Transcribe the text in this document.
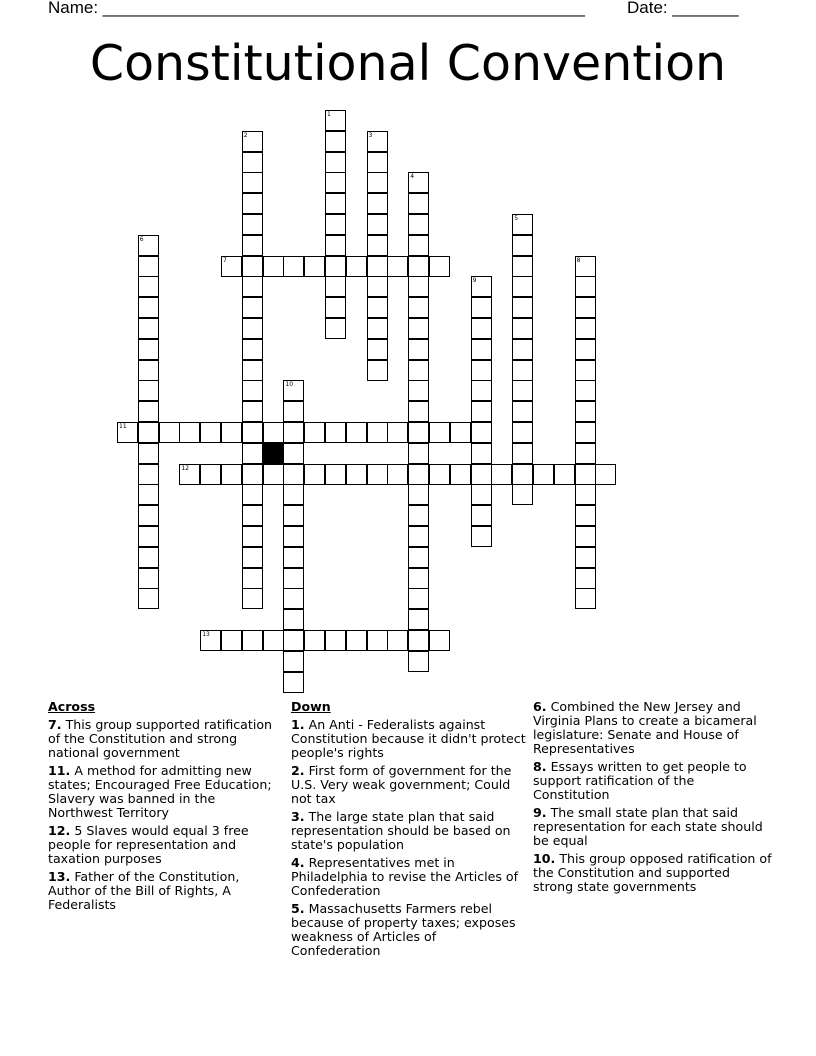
Name: ___________________________________________________ Date: _______
Constitutional Convention
1
2	3
4
5
6
7	8
9
10
11
12
13
Across
7. This group supported ratification of the Constitution and strong national government
11. A method for admitting new states; Encouraged Free Education; Slavery was banned in the Northwest Territory
12. 5 Slaves would equal 3 free people for representation and taxation purposes
13. Father of the Constitution, Author of the Bill of Rights, A Federalists
Down
1. An Anti - Federalists against Constitution because it didn't protect people's rights
2. First form of government for the U.S. Very weak government; Could not tax
3. The large state plan that said representation should be based on state's population
4. Representatives met in Philadelphia to revise the Articles of Confederation
5. Massachusetts Farmers rebel because of property taxes; exposes weakness of Articles of Confederation
6. Combined the New Jersey and Virginia Plans to create a bicameral legislature: Senate and House of Representatives
8. Essays written to get people to support ratification of the Constitution
9. The small state plan that said representation for each state should be equal
10. This group opposed ratification of the Constitution and supported strong state governments
